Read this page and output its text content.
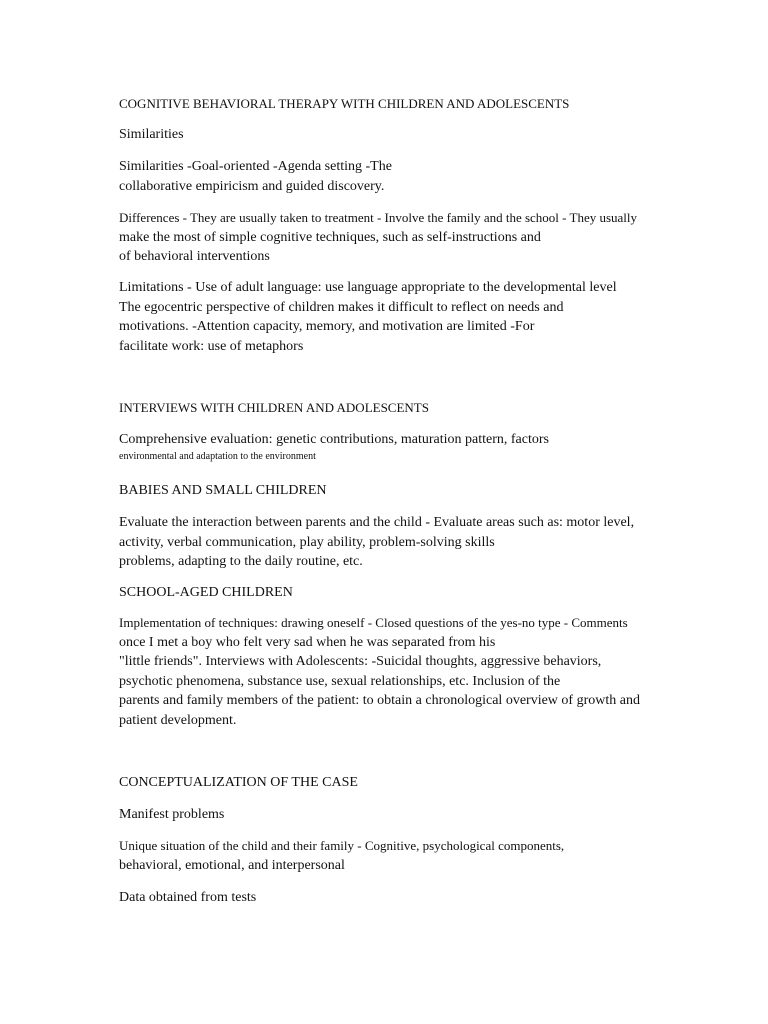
COGNITIVE BEHAVIORAL THERAPY WITH CHILDREN AND ADOLESCENTS

Similarities

Similarities -Goal-oriented -Agenda setting -The
collaborative empiricism and guided discovery.

Differences - They are usually taken to treatment - Involve the family and the school - They usually
make the most of simple cognitive techniques, such as self-instructions and
of behavioral interventions

Limitations - Use of adult language: use language appropriate to the developmental level
The egocentric perspective of children makes it difficult to reflect on needs and
motivations. -Attention capacity, memory, and motivation are limited -For
facilitate work: use of metaphors

INTERVIEWS WITH CHILDREN AND ADOLESCENTS

Comprehensive evaluation: genetic contributions, maturation pattern, factors
environmental and adaptation to the environment

BABIES AND SMALL CHILDREN

Evaluate the interaction between parents and the child - Evaluate areas such as: motor level,
activity, verbal communication, play ability, problem-solving skills
problems, adapting to the daily routine, etc.

SCHOOL-AGED CHILDREN

Implementation of techniques: drawing oneself - Closed questions of the yes-no type - Comments
once I met a boy who felt very sad when he was separated from his
"little friends". Interviews with Adolescents: -Suicidal thoughts, aggressive behaviors,
psychotic phenomena, substance use, sexual relationships, etc. Inclusion of the
parents and family members of the patient: to obtain a chronological overview of growth and
patient development.

CONCEPTUALIZATION OF THE CASE

Manifest problems

Unique situation of the child and their family - Cognitive, psychological components,
behavioral, emotional, and interpersonal

Data obtained from tests
